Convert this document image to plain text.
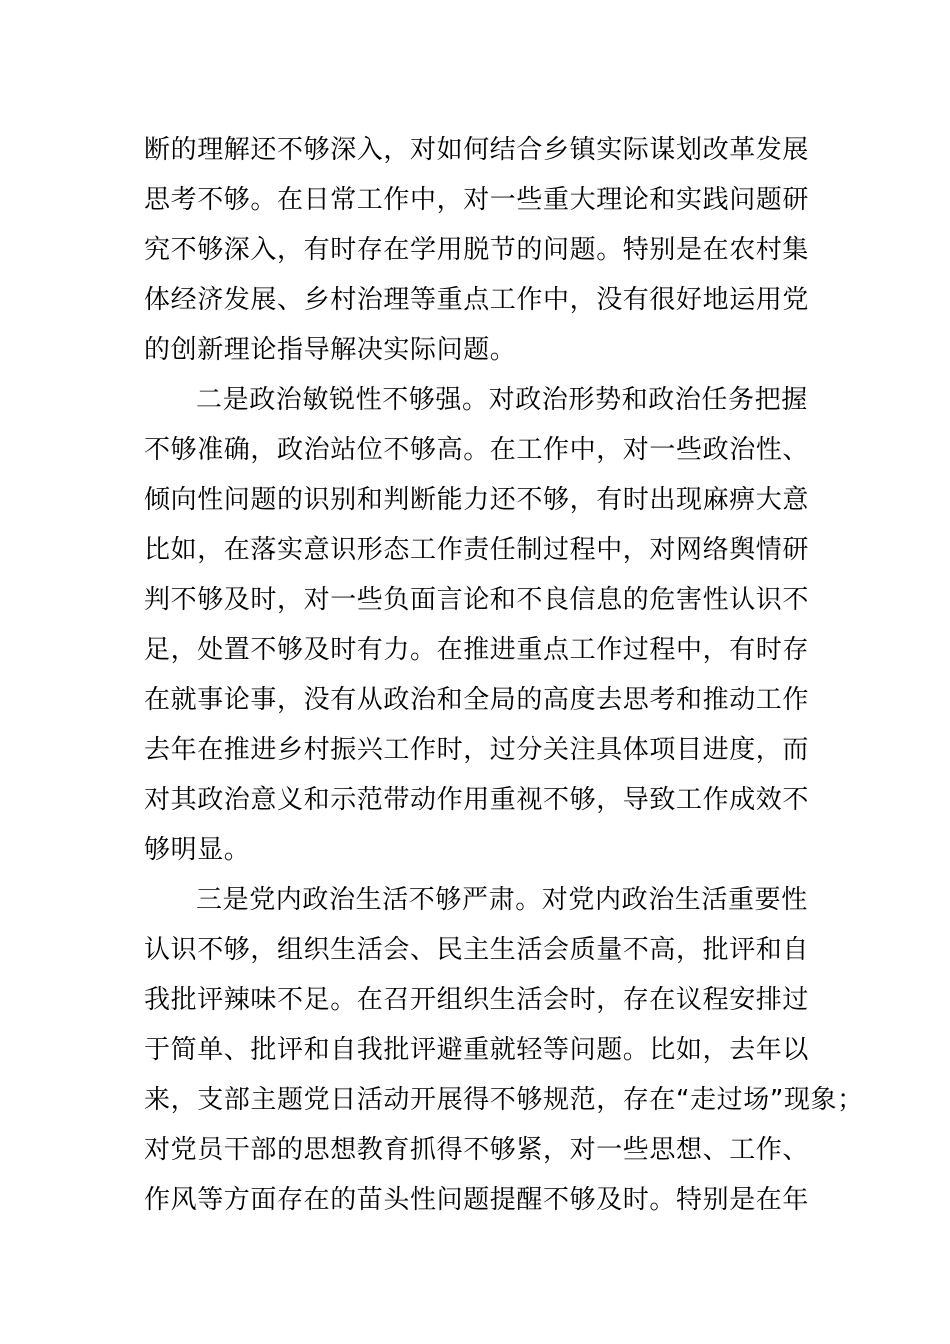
断的理解还不够深入，对如何结合乡镇实际谋划改革发展
思考不够。在日常工作中，对一些重大理论和实践问题研
究不够深入，有时存在学用脱节的问题。特别是在农村集
体经济发展、乡村治理等重点工作中，没有很好地运用党
的创新理论指导解决实际问题。
二是政治敏锐性不够强。对政治形势和政治任务把握
不够准确，政治站位不够高。在工作中，对一些政治性、
倾向性问题的识别和判断能力还不够，有时出现麻痹大意
比如，在落实意识形态工作责任制过程中，对网络舆情研
判不够及时，对一些负面言论和不良信息的危害性认识不
足，处置不够及时有力。在推进重点工作过程中，有时存
在就事论事，没有从政治和全局的高度去思考和推动工作
去年在推进乡村振兴工作时，过分关注具体项目进度，而
对其政治意义和示范带动作用重视不够，导致工作成效不
够明显。
三是党内政治生活不够严肃。对党内政治生活重要性
认识不够，组织生活会、民主生活会质量不高，批评和自
我批评辣味不足。在召开组织生活会时，存在议程安排过
于简单、批评和自我批评避重就轻等问题。比如，去年以
来，支部主题党日活动开展得不够规范，存在“走过场”现象；
对党员干部的思想教育抓得不够紧，对一些思想、工作、
作风等方面存在的苗头性问题提醒不够及时。特别是在年
